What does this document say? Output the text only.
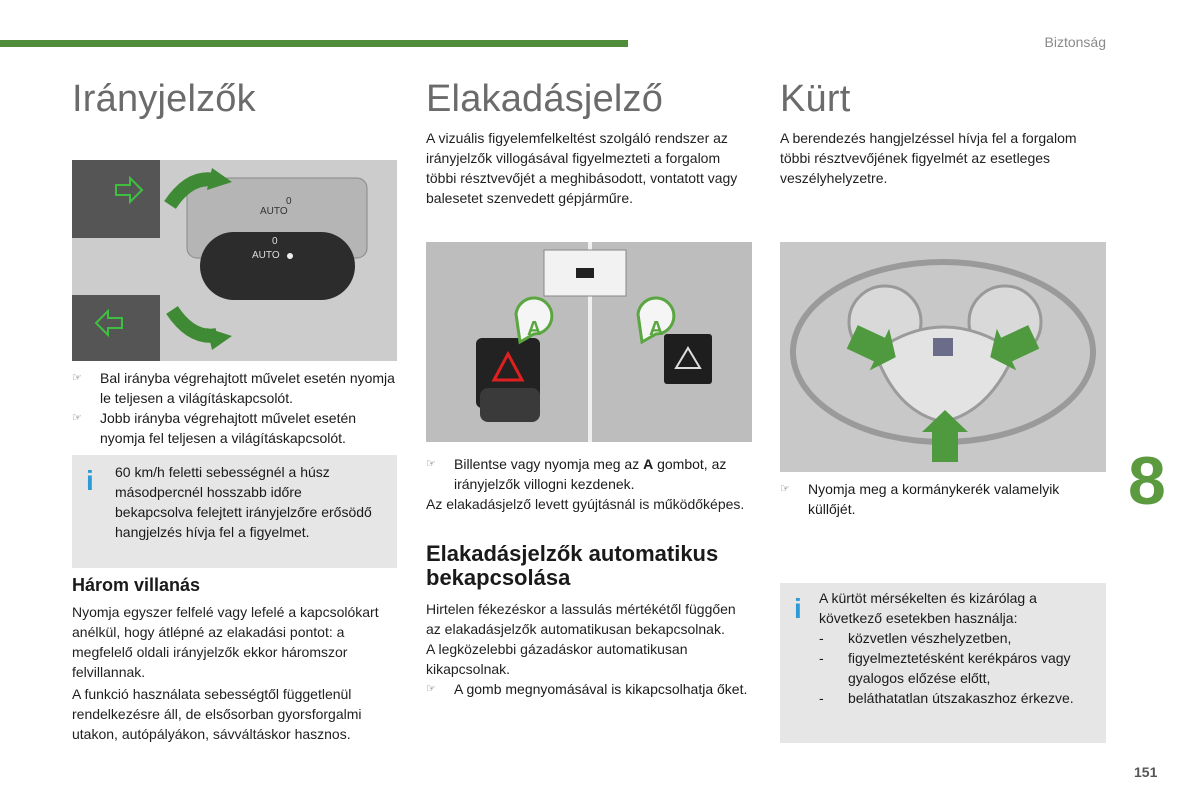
Biztonság
Irányjelzők
AUTO
0
AUTO
0
☞ Bal irányba végrehajtott művelet esetén nyomja le teljesen a világításkapcsolót.
☞ Jobb irányba végrehajtott művelet esetén nyomja fel teljesen a világításkapcsolót.
i 60 km/h feletti sebességnél a húsz másodpercnél hosszabb időre bekapcsolva felejtett irányjelzőre erősödő hangjelzés hívja fel a figyelmet.
Három villanás

Nyomja egyszer felfelé vagy lefelé a kapcsolókart anélkül, hogy átlépné az elakadási pontot: a megfelelő oldali irányjelzők ekkor háromszor felvillannak.

A funkció használata sebességtől függetlenül rendelkezésre áll, de elsősorban gyorsforgalmi utakon, autópályákon, sávváltáskor hasznos.

Elakadásjelző

A vizuális figyelemfelkeltést szolgáló rendszer az irányjelzők villogásával figyelmezteti a forgalom többi résztvevőjét a meghibásodott, vontatott vagy balesetet szenvedett gépjárműre.

A	A
☞ Billentse vagy nyomja meg az A gombot, az irányjelzők villogni kezdenek.

Az elakadásjelző levett gyújtásnál is működőképes.

Elakadásjelzők automatikus bekapcsolása

Hirtelen fékezéskor a lassulás mértékétől függően az elakadásjelzők automatikusan bekapcsolnak.

A legközelebbi gázadáskor automatikusan kikapcsolnak.

☞ A gomb megnyomásával is kikapcsolhatja őket.
Kürt

A berendezés hangjelzéssel hívja fel a forgalom többi résztvevőjének figyelmét az esetleges veszélyhelyzetre.

☞ Nyomja meg a kormánykerék valamelyik küllőjét.
i A kürtöt mérsékelten és kizárólag a következő esetekben használja:
- közvetlen vészhelyzetben,
- figyelmeztetésként kerékpáros vagy gyalogos előzése előtt,
- beláthatatlan útszakaszhoz érkezve.
8
151
